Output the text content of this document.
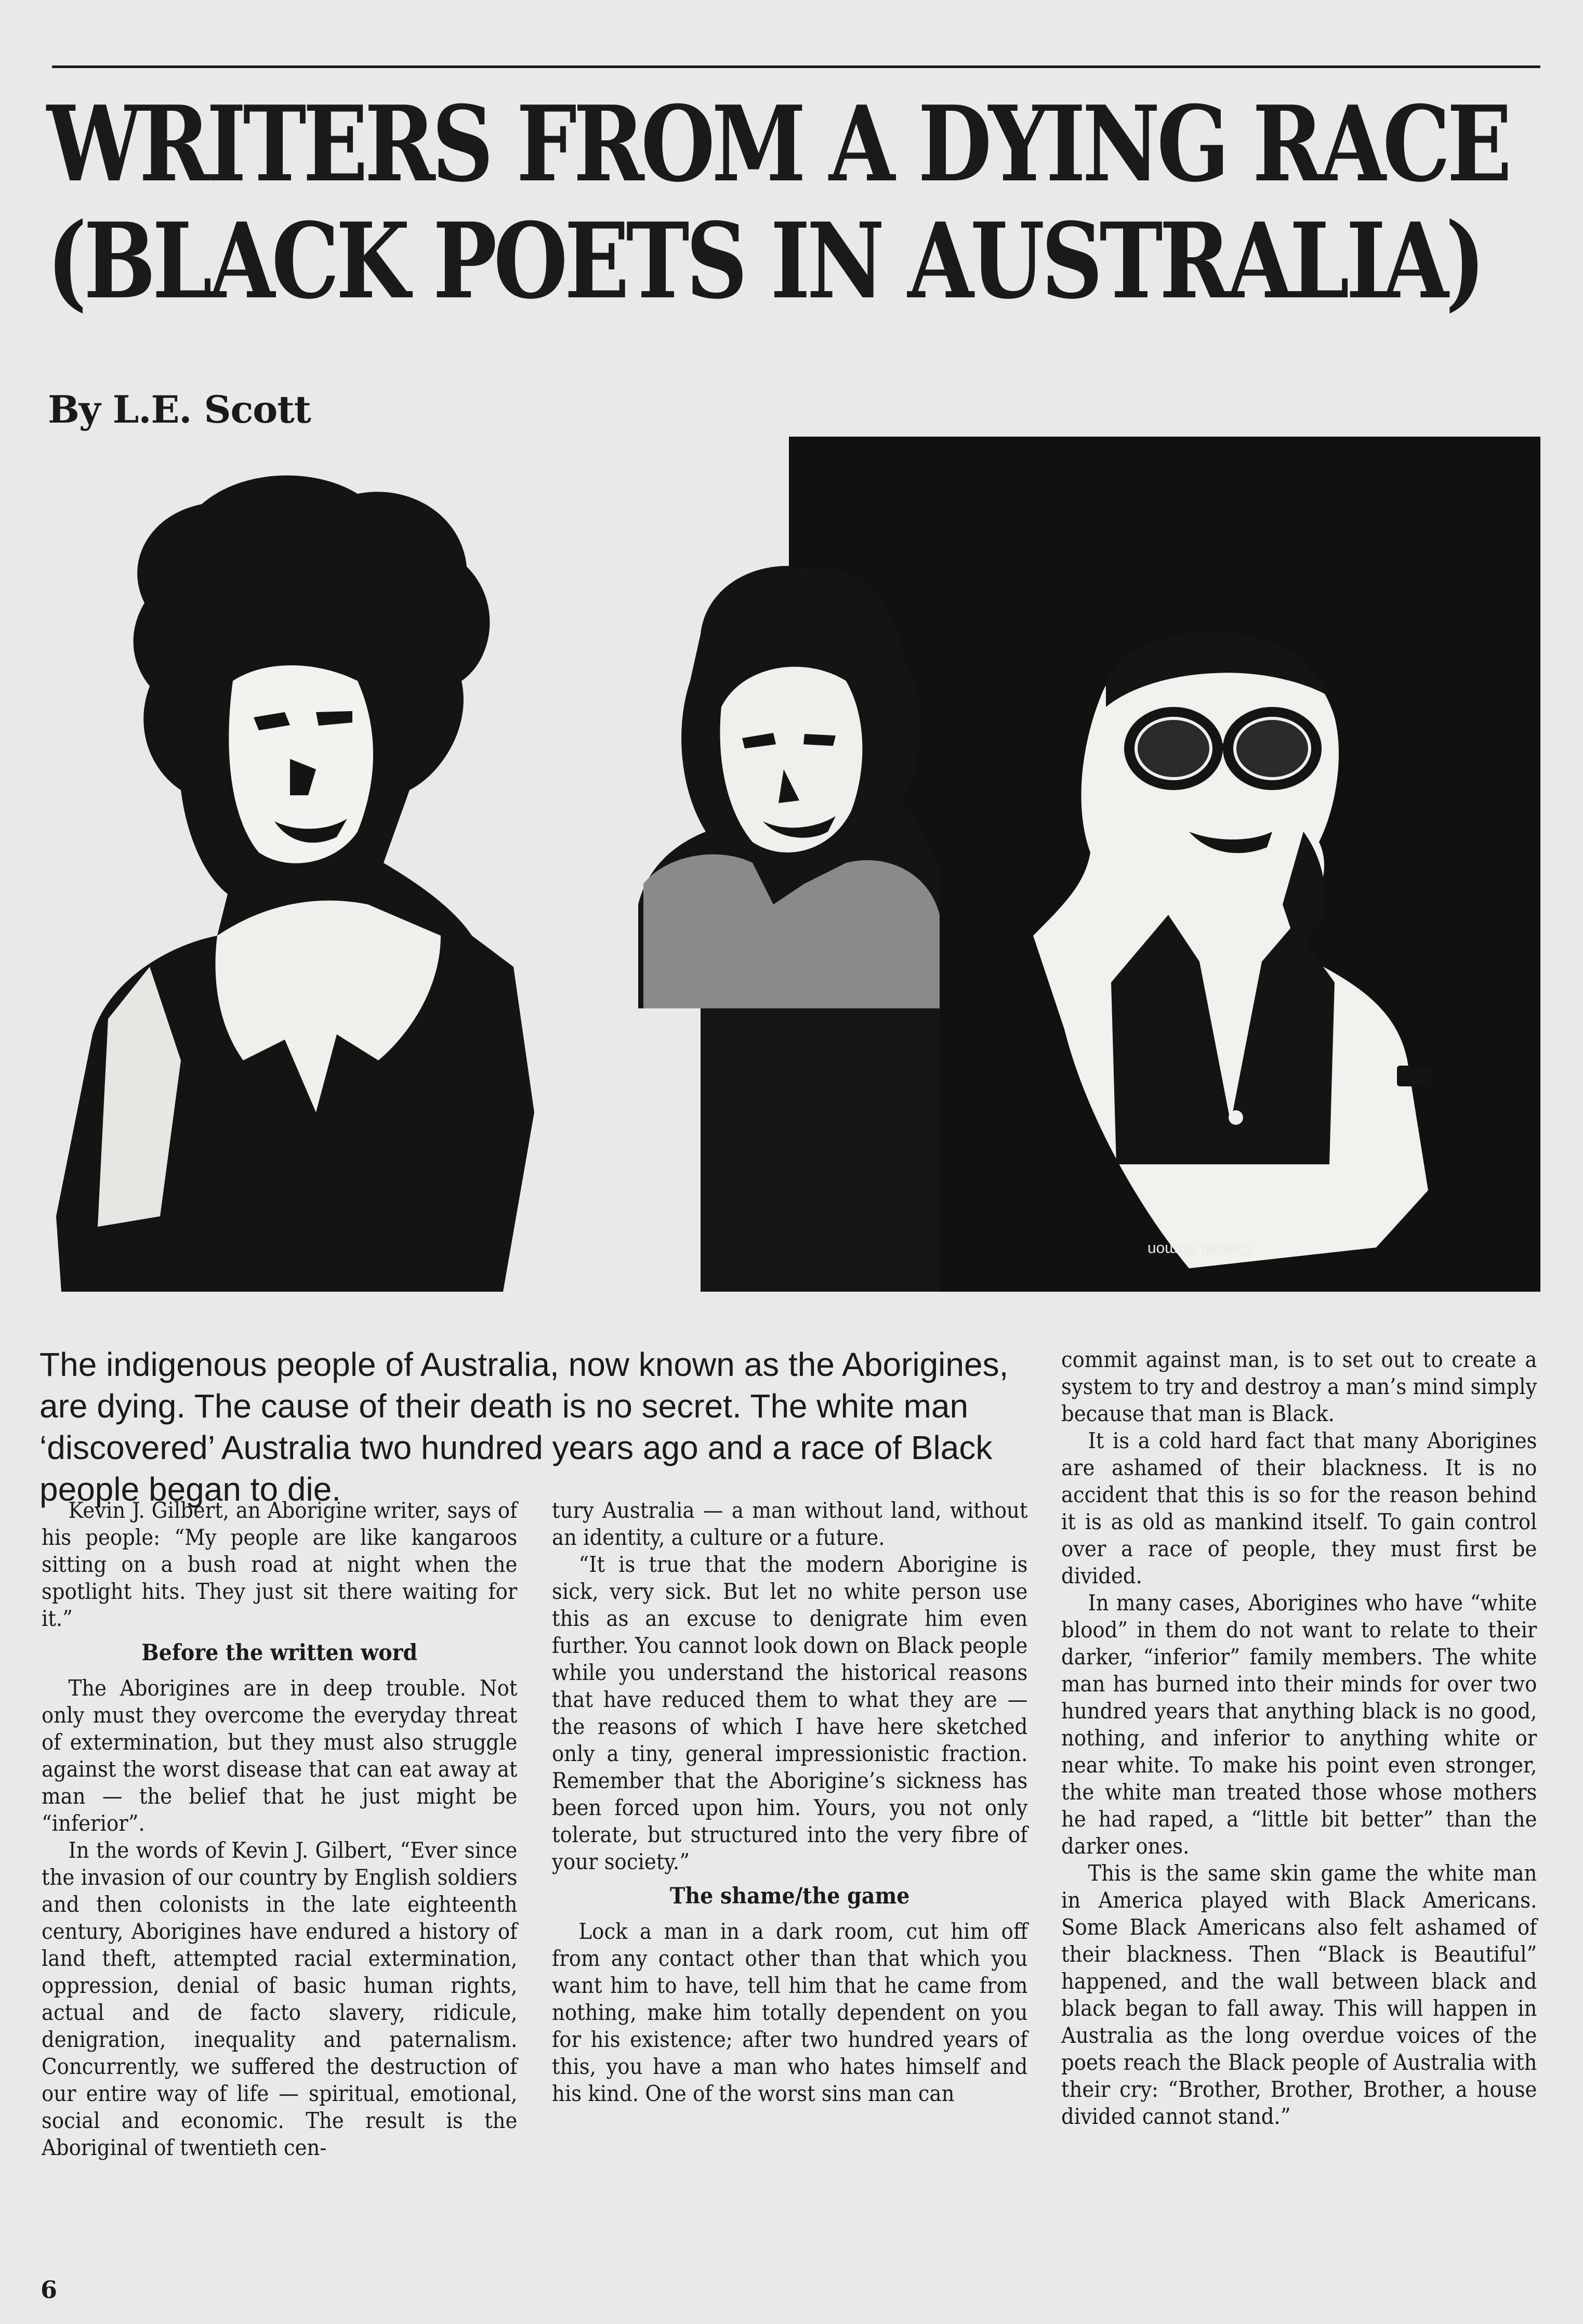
WRITERS FROM A DYING RACE
(BLACK POETS IN AUSTRALIA)
By L.E. Scott
Coman Sumon
The indigenous people of Australia, now known as the Aborigines, are dying. The cause of their death is no secret. The white man ‘discovered’ Australia two hundred years ago and a race of Black people began to die.

Kevin J. Gilbert, an Aborigine writer, says of his people: “My people are like kangaroos sitting on a bush road at night when the spotlight hits. They just sit there waiting for it.”

Before the written word

The Aborigines are in deep trouble. Not only must they overcome the everyday threat of extermination, but they must also struggle against the worst disease that can eat away at man — the belief that he just might be “inferior”.

In the words of Kevin J. Gilbert, “Ever since the invasion of our country by English soldiers and then colonists in the late eighteenth century, Aborigines have endured a history of land theft, attempted racial extermination, oppression, denial of basic human rights, actual and de facto slavery, ridicule, denigration, inequality and paternalism. Concurrently, we suffered the destruction of our entire way of life — spiritual, emotional, social and economic. The result is the Aboriginal of twentieth cen-

tury Australia — a man without land, without an identity, a culture or a future.

“It is true that the modern Aborigine is sick, very sick. But let no white person use this as an excuse to denigrate him even further. You cannot look down on Black people while you understand the historical reasons that have reduced them to what they are — the reasons of which I have here sketched only a tiny, general impressionistic fraction. Remember that the Aborigine’s sickness has been forced upon him. Yours, you not only tolerate, but structured into the very fibre of your society.”

The shame/the game

Lock a man in a dark room, cut him off from any contact other than that which you want him to have, tell him that he came from nothing, make him totally dependent on you for his existence; after two hundred years of this, you have a man who hates himself and his kind. One of the worst sins man can

commit against man, is to set out to create a system to try and destroy a man’s mind simply because that man is Black.

It is a cold hard fact that many Aborigines are ashamed of their blackness. It is no accident that this is so for the reason behind it is as old as mankind itself. To gain control over a race of people, they must first be divided.

In many cases, Aborigines who have “white blood” in them do not want to relate to their darker, “inferior” family members. The white man has burned into their minds for over two hundred years that anything black is no good, nothing, and inferior to anything white or near white. To make his point even stronger, the white man treated those whose mothers he had raped, a “little bit better” than the darker ones.

This is the same skin game the white man in America played with Black Americans. Some Black Americans also felt ashamed of their blackness. Then “Black is Beautiful” happened, and the wall between black and black began to fall away. This will happen in Australia as the long overdue voices of the poets reach the Black people of Australia with their cry: “Brother, Brother, Brother, a house divided cannot stand.”

6
